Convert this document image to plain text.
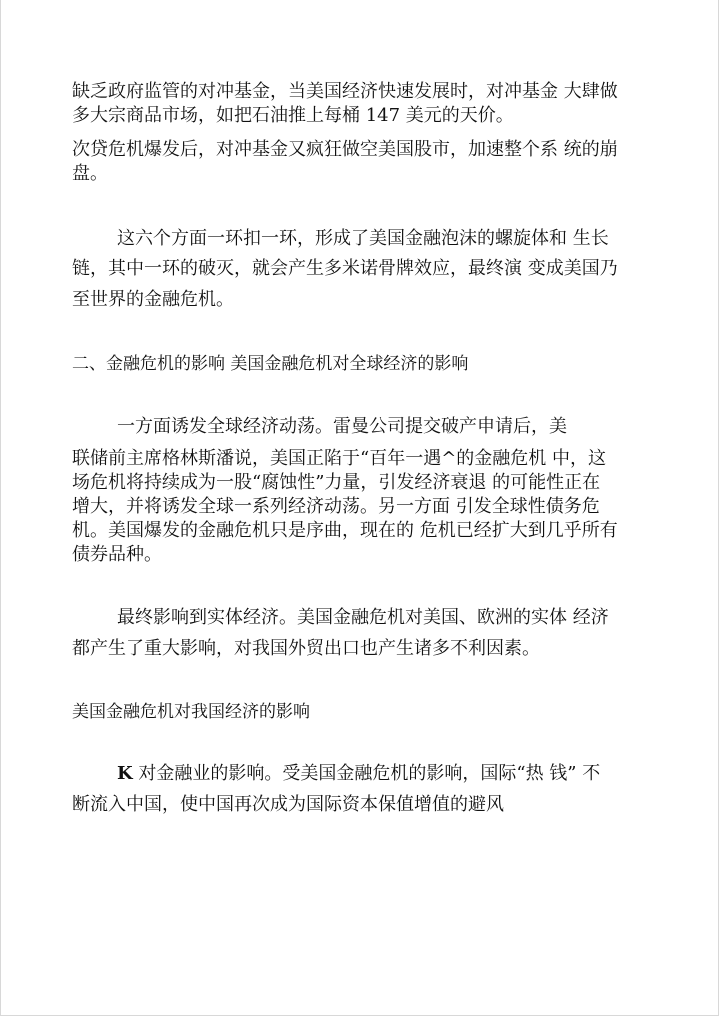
缺乏政府监管的对冲基金，当美国经济快速发展时，对冲基金 大肆做
多大宗商品市场，如把石油推上每桶 147 美元的天价。
次贷危机爆发后，对冲基金又疯狂做空美国股市，加速整个系 统的崩
盘。
这六个方面一环扣一环，形成了美国金融泡沫的螺旋体和 生长
链，其中一环的破灭，就会产生多米诺骨牌效应，最终演 变成美国乃
至世界的金融危机。
二、金融危机的影响 美国金融危机对全球经济的影响
一方面诱发全球经济动荡。雷曼公司提交破产申请后，美
联储前主席格林斯潘说，美国正陷于“百年一遇^的金融危机 中，这
场危机将持续成为一股“腐蚀性”力量，引发经济衰退 的可能性正在
增大，并将诱发全球一系列经济动荡。另一方面 引发全球性债务危
机。美国爆发的金融危机只是序曲，现在的 危机已经扩大到几乎所有
债券品种。
最终影响到实体经济。美国金融危机对美国、欧洲的实体 经济
都产生了重大影响，对我国外贸出口也产生诸多不利因素。
美国金融危机对我国经济的影响
K 对金融业的影响。受美国金融危机的影响，国际“热 钱” 不
断流入中国，使中国再次成为国际资本保值增值的避风
